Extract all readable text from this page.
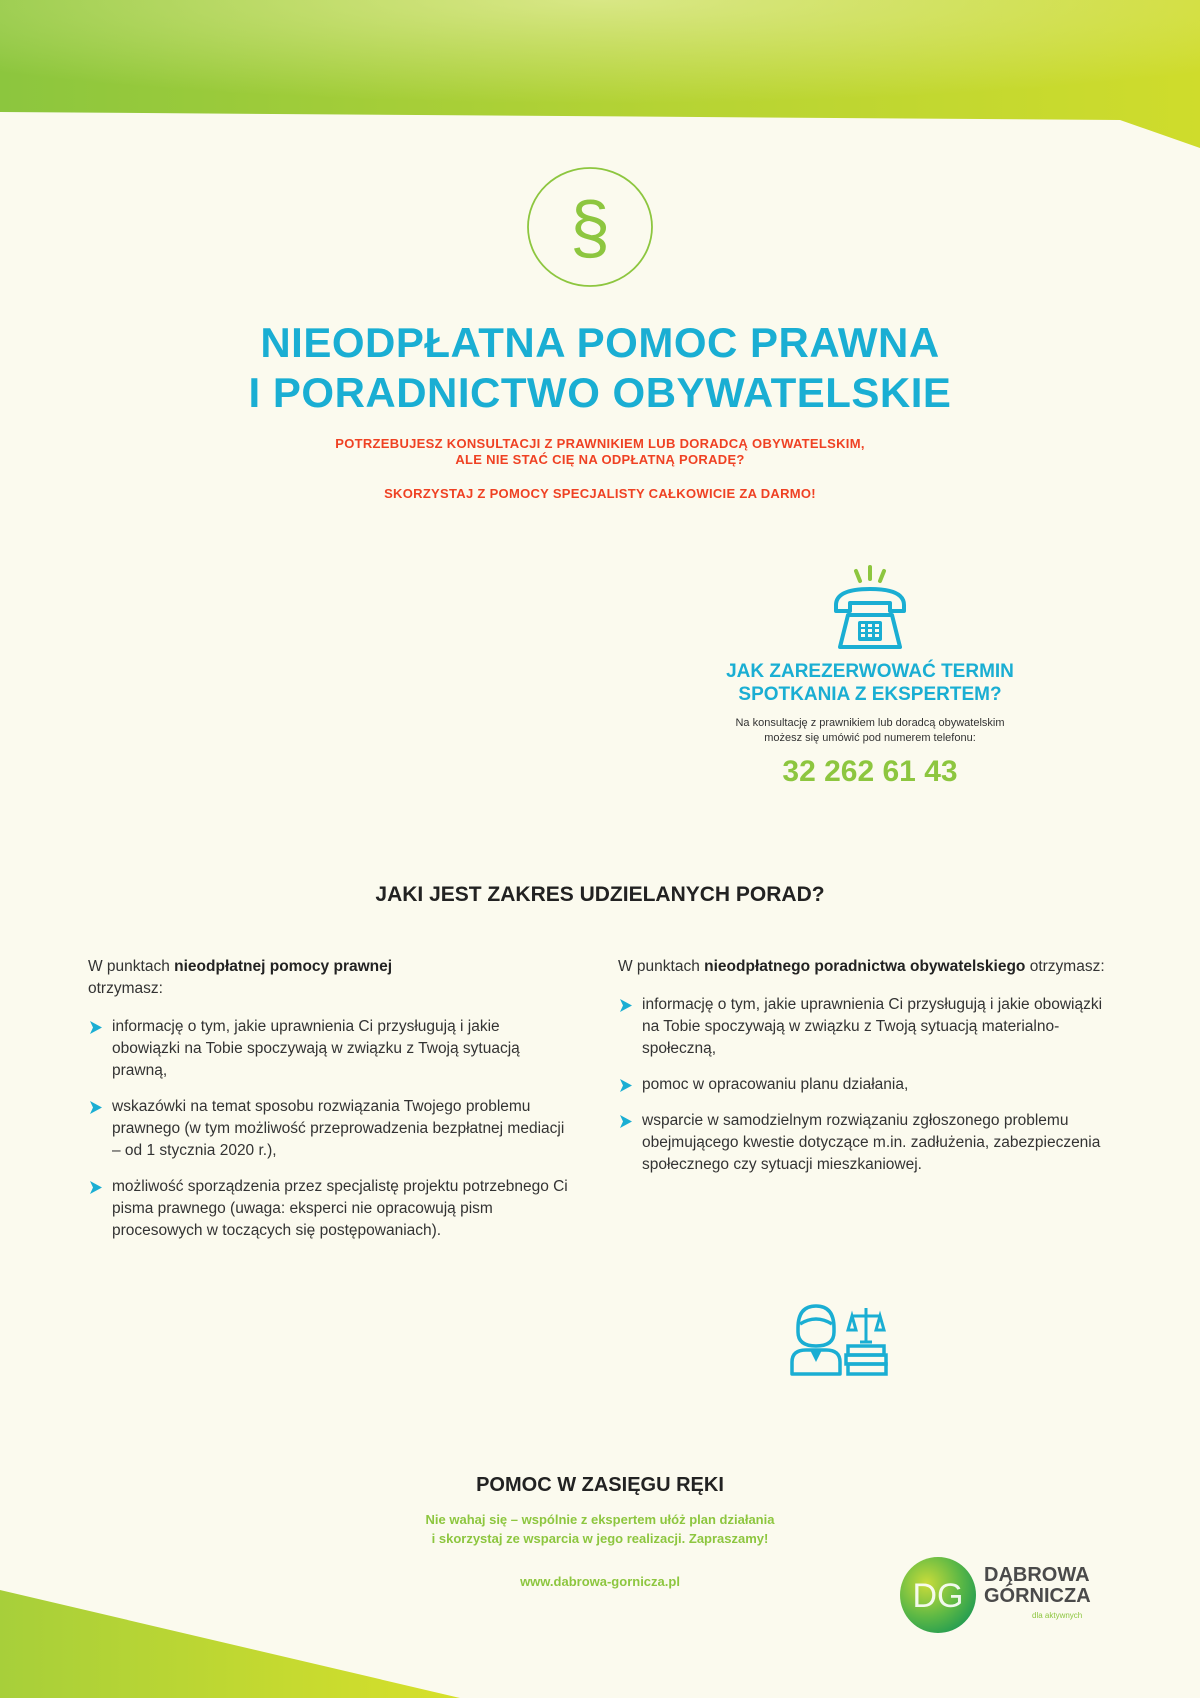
§
NIEODPŁATNA POMOC PRAWNA
I PORADNICTWO OBYWATELSKIE
POTRZEBUJESZ KONSULTACJI Z PRAWNIKIEM LUB DORADCĄ OBYWATELSKIM,
ALE NIE STAĆ CIĘ NA ODPŁATNĄ PORADĘ?
SKORZYSTAJ Z POMOCY SPECJALISTY CAŁKOWICIE ZA DARMO!
JAK ZAREZERWOWAĆ TERMIN
SPOTKANIA Z EKSPERTEM?
Na konsultację z prawnikiem lub doradcą obywatelskim
możesz się umówić pod numerem telefonu:
32 262 61 43
JAKI JEST ZAKRES UDZIELANYCH PORAD?
W punktach nieodpłatnej pomocy prawnej
otrzymasz:
informację o tym, jakie uprawnienia Ci przysługują i jakie obowiązki na Tobie spoczywają w związku z Twoją sytuacją prawną,
wskazówki na temat sposobu rozwiązania Twojego problemu prawnego (w tym możliwość przeprowadzenia bezpłatnej mediacji – od 1 stycznia 2020 r.),
możliwość sporządzenia przez specjalistę projektu potrzebnego Ci pisma prawnego (uwaga: eksperci nie opracowują pism procesowych w toczących się postępowaniach).
W punktach nieodpłatnego poradnictwa obywatelskiego otrzymasz:
informację o tym, jakie uprawnienia Ci przysługują i jakie obowiązki na Tobie spoczywają w związku z Twoją sytuacją materialno-społeczną,
pomoc w opracowaniu planu działania,
wsparcie w samodzielnym rozwiązaniu zgłoszonego problemu obejmującego kwestie dotyczące m.in. zadłużenia, zabezpieczenia społecznego czy sytuacji mieszkaniowej.
POMOC W ZASIĘGU RĘKI
Nie wahaj się – wspólnie z ekspertem ułóż plan działania
i skorzystaj ze wsparcia w jego realizacji. Zapraszamy!
www.dabrowa-gornicza.pl	DG
DĄBROWA
GÓRNICZA
dla aktywnych
